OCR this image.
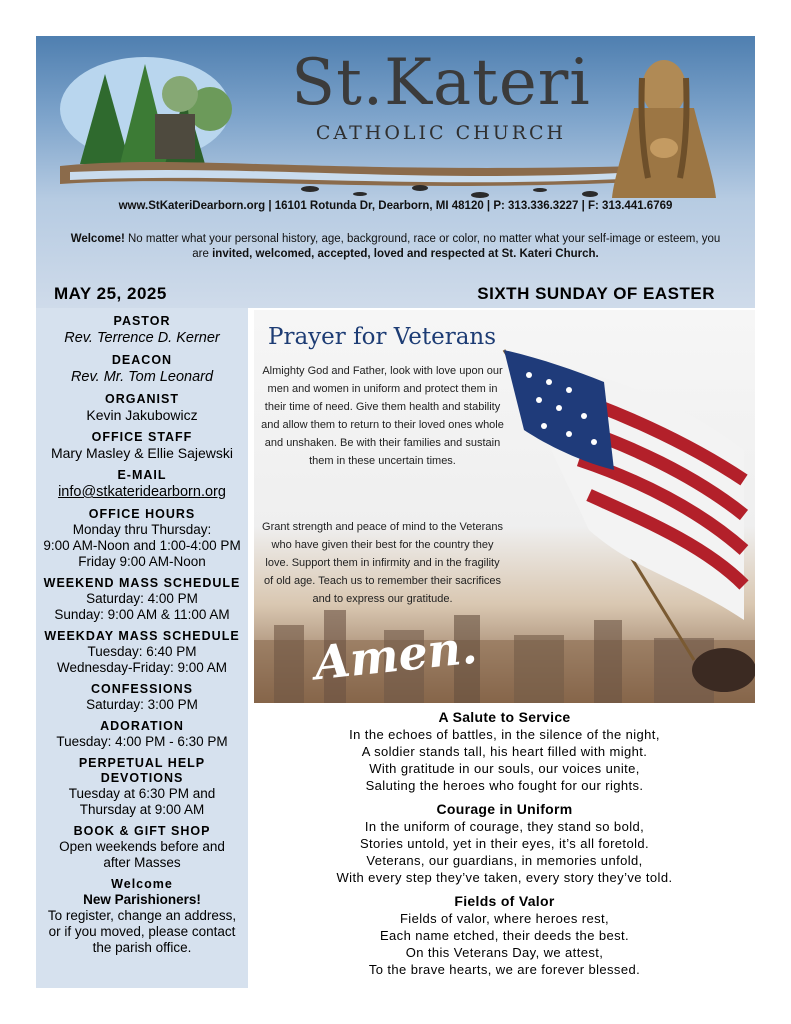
St.Kateri
CATHOLIC CHURCH
www.StKateriDearborn.org | 16101 Rotunda Dr, Dearborn, MI 48120 | P: 313.336.3227 | F: 313.441.6769
Welcome! No matter what your personal history, age, background, race or color, no matter what your self-image or esteem, you are invited, welcomed, accepted, loved and respected at St. Kateri Church.
MAY 25, 2025	SIXTH SUNDAY OF EASTER
PASTOR
Rev. Terrence D. Kerner
DEACON
Rev. Mr. Tom Leonard
ORGANIST
Kevin Jakubowicz
OFFICE STAFF
Mary Masley & Ellie Sajewski
E-MAIL
info@stkateridearborn.org
OFFICE HOURS
Monday thru Thursday:
9:00 AM-Noon and 1:00-4:00 PM
Friday 9:00 AM-Noon
WEEKEND MASS SCHEDULE
Saturday: 4:00 PM
Sunday: 9:00 AM & 11:00 AM
WEEKDAY MASS SCHEDULE
Tuesday: 6:40 PM
Wednesday-Friday: 9:00 AM
CONFESSIONS
Saturday: 3:00 PM
ADORATION
Tuesday: 4:00 PM - 6:30 PM
PERPETUAL HELP DEVOTIONS
Tuesday at 6:30 PM and
Thursday at 9:00 AM
BOOK & GIFT SHOP
Open weekends before and
after Masses
Welcome
New Parishioners!
To register, change an address,
or if you moved, please contact
the parish office.
Prayer for Veterans
Almighty God and Father, look with love upon our men and women in uniform and protect them in their time of need. Give them health and stability and allow them to return to their loved ones whole and unshaken. Be with their families and sustain them in these uncertain times.
Grant strength and peace of mind to the Veterans who have given their best for the country they love. Support them in infirmity and in the fragility of old age. Teach us to remember their sacrifices and to express our gratitude.
Amen.
A Salute to Service
In the echoes of battles, in the silence of the night,
A soldier stands tall, his heart filled with might.
With gratitude in our souls, our voices unite,
Saluting the heroes who fought for our rights.
Courage in Uniform
In the uniform of courage, they stand so bold,
Stories untold, yet in their eyes, it’s all foretold.
Veterans, our guardians, in memories unfold,
With every step they’ve taken, every story they’ve told.
Fields of Valor
Fields of valor, where heroes rest,
Each name etched, their deeds the best.
On this Veterans Day, we attest,
To the brave hearts, we are forever blessed.
